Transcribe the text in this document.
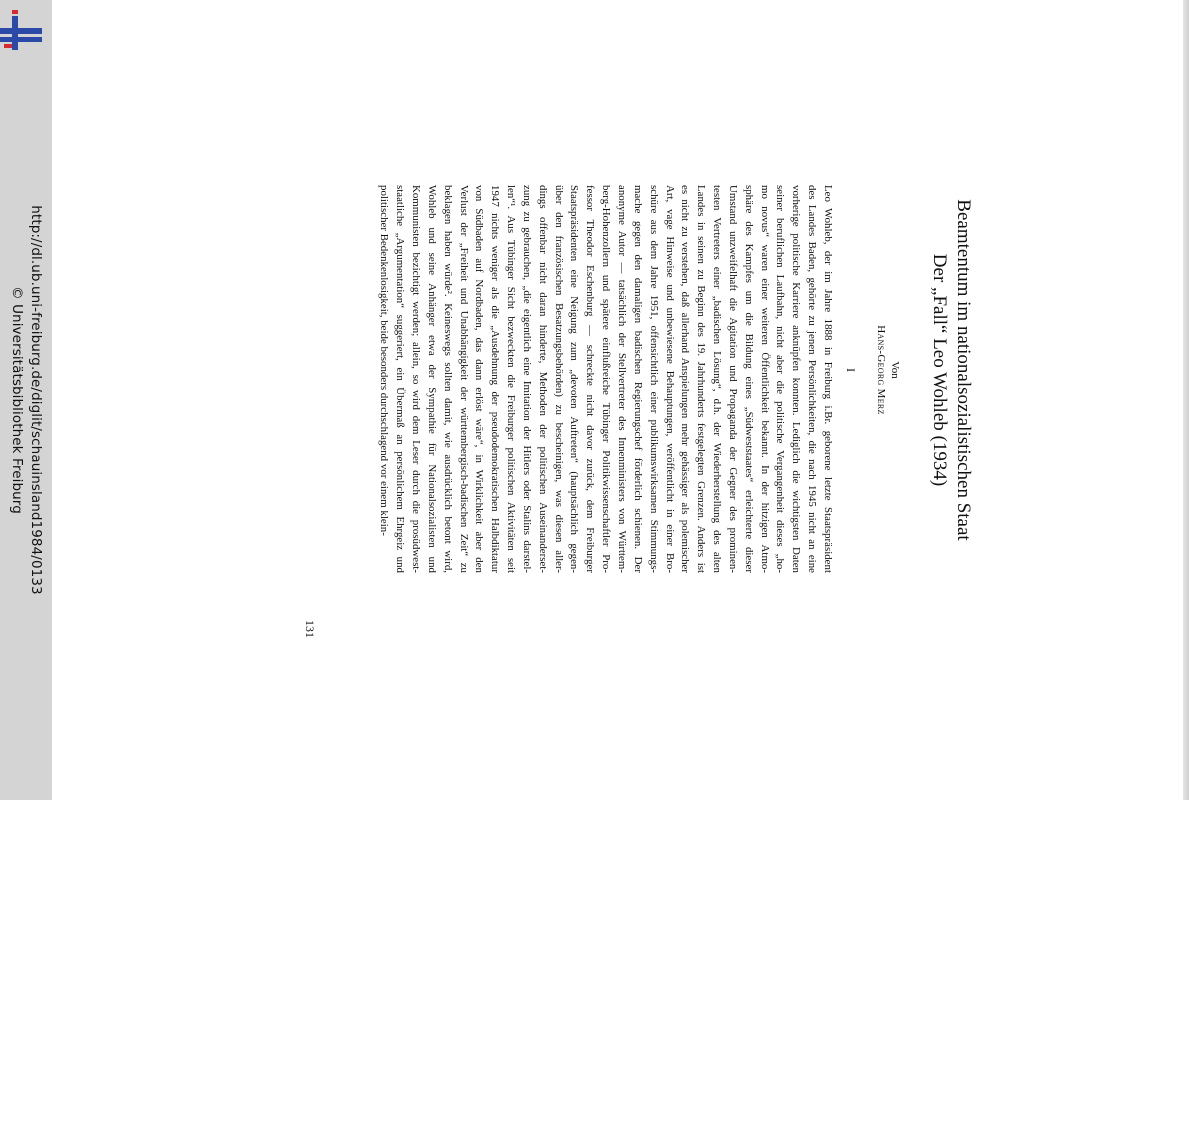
http://dl.ub.uni-freiburg.de/diglit/schauinsland1984/0133
© Universitätsbibliothek Freiburg	Beamtentum im nationalsozialistischen Staat
Der „Fall“ Leo Wohleb (1934)
Von
Hans-Georg Merz
I
Leo Wohleb, der im Jahre 1888 in Freiburg i.Br. geborene letzte Staatspräsident
des Landes Baden, gehörte zu jenen Persönlichkeiten, die nach 1945 nicht an eine
vorherige politische Karriere anknüpfen konnten. Lediglich die wichtigsten Daten
seiner beruflichen Laufbahn, nicht aber die politische Vergangenheit dieses „ho-
mo novus“ waren einer weiteren Öffentlichkeit bekannt. In der hitzigen Atmo-
sphäre des Kampfes um die Bildung eines „Südweststaates“ erleichterte dieser
Umstand unzweifelhaft die Agitation und Propaganda der Gegner des prominen-
testen Vertreters einer „badischen Lösung“, d.h. der Wiederherstellung des alten
Landes in seinen zu Beginn des 19. Jahrhunderts festgelegten Grenzen. Anders ist
es nicht zu verstehen, daß allerhand Anspielungen mehr gehässiger als polemischer
Art, vage Hinweise und unbewiesene Behauptungen, veröffentlicht in einer Bro-
schüre aus dem Jahre 1951, offensichtlich einer publikumswirksamen Stimmungs-
mache gegen den damaligen badischen Regierungschef förderlich schienen. Der
anonyme Autor — tatsächlich der Stellvertreter des Innenministers von Württem-
berg-Hohenzollern und spätere einflußreiche Tübinger Politikwissenschaftler Pro-
fessor Theodor Eschenburg — schreckte nicht davor zurück, dem Freiburger
Staatspräsidenten eine Neigung zum „devoten Auftreten“ (hauptsächlich gegen-
über den französischen Besatzungsbehörden) zu bescheinigen, was diesen aller-
dings offenbar nicht daran hinderte, Methoden der politischen Auseinanderset-
zung zu gebrauchen, „die eigentlich eine Imitation der Hitlers oder Stalins darstel-
len“¹. Aus Tübinger Sicht bezweckten die Freiburger politischen Aktivitäten seit
1947 nichts weniger als die „Ausdehnung der pseudodemokratischen Halbdiktatur
von Südbaden auf Nordbaden, das dann erlöst wäre“, in Wirklichkeit aber den
Verlust der „Freiheit und Unabhängigkeit der württembergisch-badischen Zeit“ zu
beklagen haben würde². Keineswegs sollten damit, wie ausdrücklich betont wird,
Wohleb und seine Anhänger etwa der Sympathie für Nationalsozialisten und
Kommunisten bezichtigt werden; allein, so wird dem Leser durch die prosüdwest-
staatliche „Argumentation“ suggeriert, ein Übermaß an persönlichem Ehrgeiz und
politischer Bedenkenlosigkeit, beide besonders durchschlagend vor einem klein-
131
